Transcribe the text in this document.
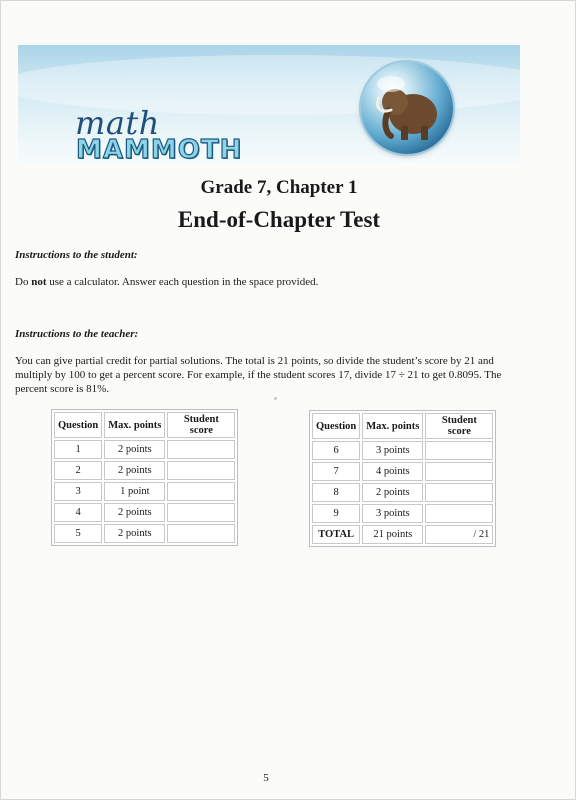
math
MAMMOTH
Grade 7, Chapter 1
End-of-Chapter Test
Instructions to the student:
Do not use a calculator. Answer each question in the space provided.
Instructions to the teacher:
You can give partial credit for partial solutions. The total is 21 points, so divide the student’s score by 21 and multiply by 100 to get a percent score. For example, if the student scores 17, divide 17 ÷ 21 to get 0.8095. The percent score is 81%.
Question	Max. points	Student score
1	2 points	
2	2 points	
3	1 point	
4	2 points	
5	2 points	
Question	Max. points	Student score
6	3 points	
7	4 points	
8	2 points	
9	3 points	
TOTAL	21 points	/ 21
5
